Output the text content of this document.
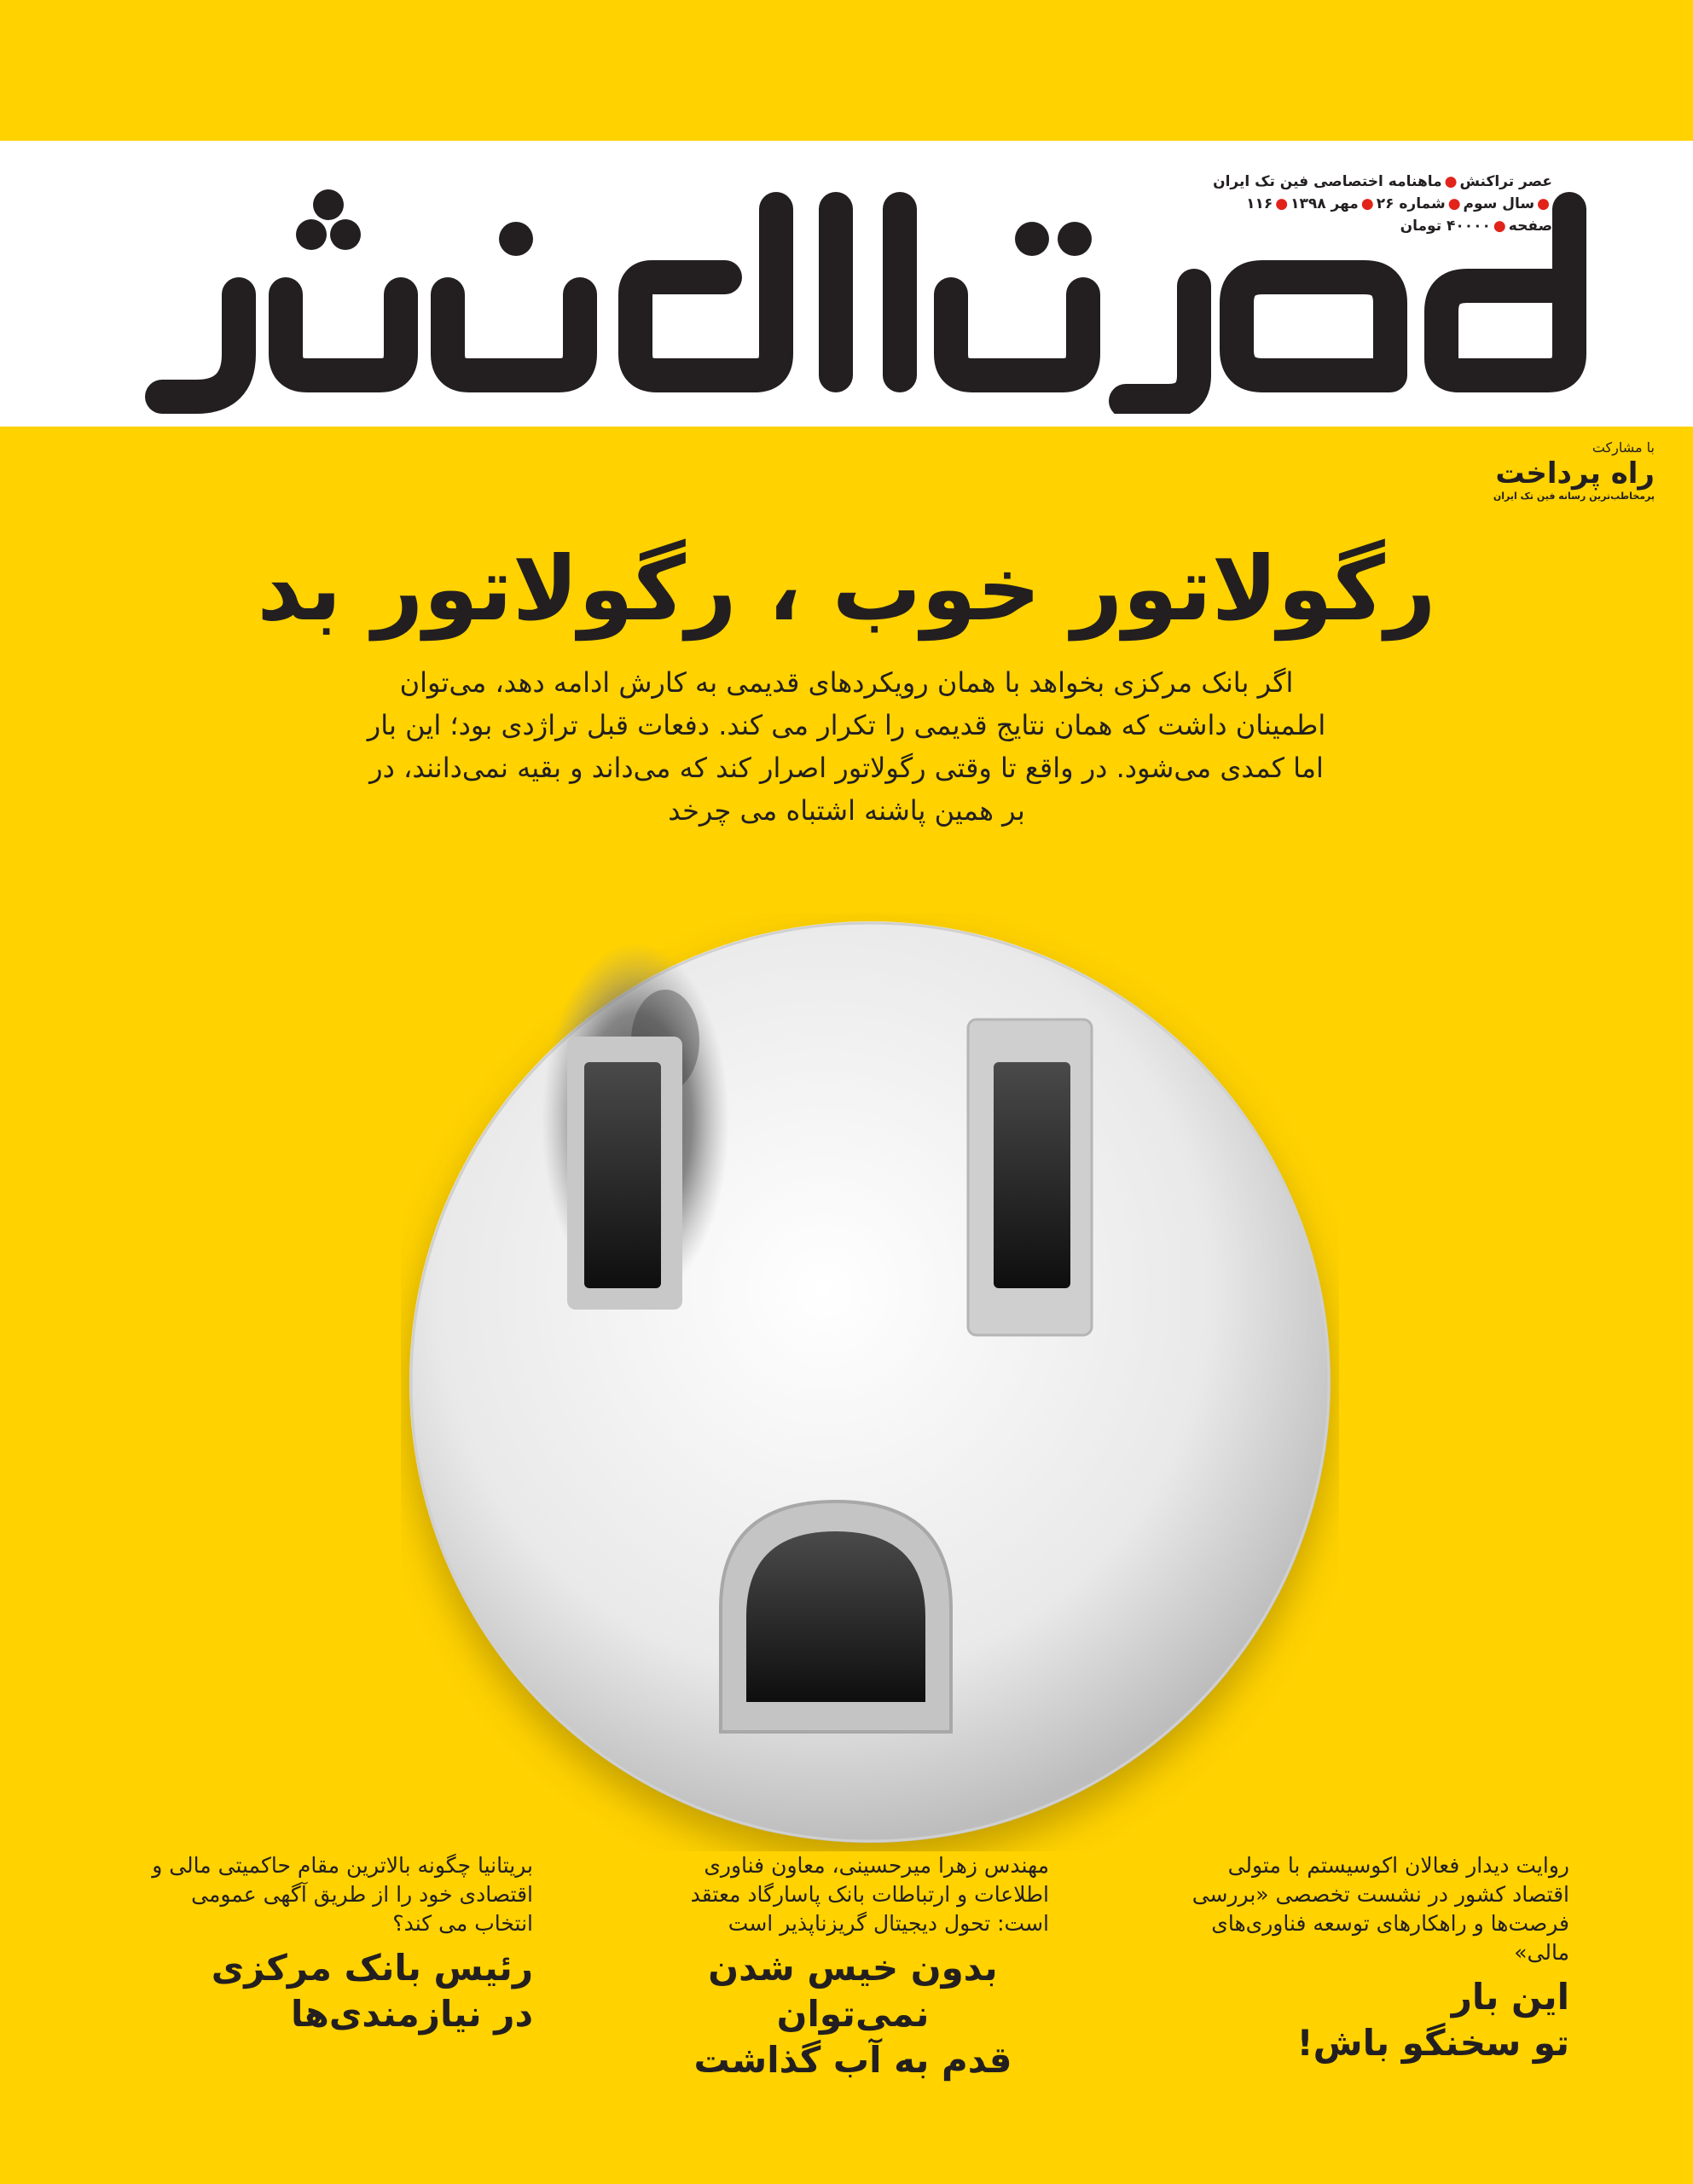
عصر تراکنش●ماهنامه اختصاصی فین تک ایران
●سال سوم●شماره ۲۶●مهر ۱۳۹۸●۱۱۶ صفحه●۴۰۰۰۰ تومان
با مشارکت
راه پرداخت
پرمخاطب‌ترین رسانه فین تک ایران
رگولاتور خوب ، رگولاتور بد
اگر بانک مرکزی بخواهد با همان رویکردهای قدیمی به کارش ادامه دهد، می‌توان اطمینان داشت که همان نتایج قدیمی را تکرار می کند. دفعات قبل تراژدی بود؛ این بار اما کمدی می‌شود. در واقع تا وقتی رگولاتور اصرار کند که می‌داند و بقیه نمی‌دانند، در بر همین پاشنه اشتباه می چرخد
روایت دیدار فعالان اکوسیستم با متولی اقتصاد کشور در نشست تخصصی «بررسی فرصت‌ها و راهکارهای توسعه فناوری‌های مالی»
این بار
تو سخنگو باش!
مهندس زهرا میرحسینی، معاون فناوری اطلاعات و ارتباطات بانک پاسارگاد معتقد است: تحول دیجیتال گریزناپذیر است
بدون خیس شدن نمی‌توان
قدم به آب گذاشت
بریتانیا چگونه بالاترین مقام حاکمیتی مالی و اقتصادی خود را از طریق آگهی عمومی انتخاب می کند؟
رئیس بانک مرکزی
در نیازمندی‌ها
